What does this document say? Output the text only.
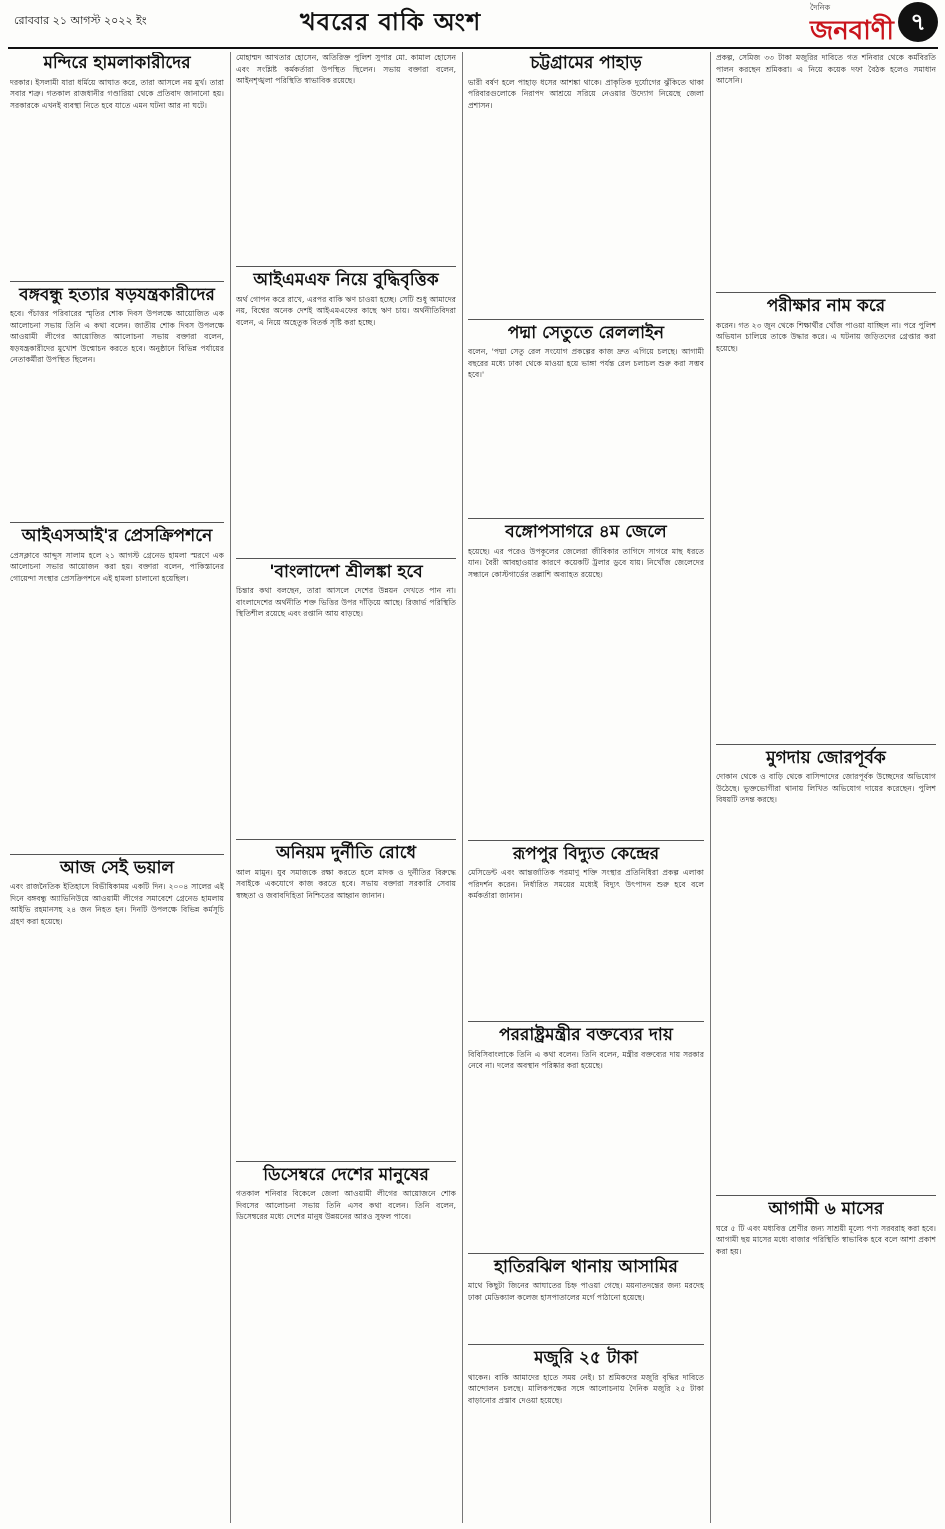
রোববার ২১ আগস্ট ২০২২ ইং	খবরের বাকি অংশ	দৈনিক
জনবাণী ৭
মন্দিরে হামলাকারীদের

দরকার। ইসলামী যারা ধর্মিয়ে আঘাত করে, তারা আসলে নয় মুর্খ। তারা সবার শত্রু। গতকাল রাজধানীর গণ্ডারিয়া থেকে প্রতিবাদ জানানো হয়। সরকারকে এখনই ব্যবস্থা নিতে হবে যাতে এমন ঘটনা আর না ঘটে।

বঙ্গবন্ধু হত্যার ষড়যন্ত্রকারীদের

হবে। পঁচাত্তর পরিবারের স্মৃতির শোক দিবস উপলক্ষে আয়োজিত এক আলোচনা সভায় তিনি এ কথা বলেন। জাতীয় শোক দিবস উপলক্ষে আওয়ামী লীগের আয়োজিত আলোচনা সভায় বক্তারা বলেন, ষড়যন্ত্রকারীদের মুখোশ উন্মোচন করতে হবে। অনুষ্ঠানে বিভিন্ন পর্যায়ের নেতাকর্মীরা উপস্থিত ছিলেন।

আইএসআই'র প্রেসক্রিপশনে

প্রেসক্লাবে আব্দুস সালাম হলে ২১ আগস্ট গ্রেনেড হামলা স্মরণে এক আলোচনা সভার আয়োজন করা হয়। বক্তারা বলেন, পাকিস্তানের গোয়েন্দা সংস্থার প্রেসক্রিপশনে এই হামলা চালানো হয়েছিল।

আজ সেই ভয়াল

এবং রাজনৈতিক ইতিহাসে বিভীষিকাময় একটি দিন। ২০০৪ সালের এই দিনে বঙ্গবন্ধু অ্যাভিনিউয়ে আওয়ামী লীগের সমাবেশে গ্রেনেড হামলায় আইভি রহমানসহ ২৪ জন নিহত হন। দিনটি উপলক্ষে বিভিন্ন কর্মসূচি গ্রহণ করা হয়েছে।

মোহাম্মদ আখতার হোসেন, অতিরিক্ত পুলিশ সুপার মো. কামাল হোসেন এবং সংশ্লিষ্ট কর্মকর্তারা উপস্থিত ছিলেন। সভায় বক্তারা বলেন, আইনশৃঙ্খলা পরিস্থিতি স্বাভাবিক রয়েছে।

আইএমএফ নিয়ে বুদ্ধিবৃত্তিক

অর্থ গোপন করে রাখে, এরপর বাকি ঋণ চাওয়া হচ্ছে। সেটি শুধু আমাদের নয়, বিশ্বের অনেক দেশই আইএমএফের কাছে ঋণ চায়। অর্থনীতিবিদরা বলেন, এ নিয়ে অহেতুক বিতর্ক সৃষ্টি করা হচ্ছে।

'বাংলাদেশ শ্রীলঙ্কা হবে

চিন্তার কথা বলছেন, তারা আসলে দেশের উন্নয়ন দেখতে পান না। বাংলাদেশের অর্থনীতি শক্ত ভিত্তির উপর দাঁড়িয়ে আছে। রিজার্ভ পরিস্থিতি স্থিতিশীল রয়েছে এবং রপ্তানি আয় বাড়ছে।

অনিয়ম দুর্নীতি রোধে

আল মামুন। যুব সমাজকে রক্ষা করতে হলে মাদক ও দুর্নীতির বিরুদ্ধে সবাইকে একযোগে কাজ করতে হবে। সভায় বক্তারা সরকারি সেবায় স্বচ্ছতা ও জবাবদিহিতা নিশ্চিতের আহ্বান জানান।

ডিসেম্বরে দেশের মানুষের

গতকাল শনিবার বিকেলে জেলা আওয়ামী লীগের আয়োজনে শোক দিবসের আলোচনা সভায় তিনি এসব কথা বলেন। তিনি বলেন, ডিসেম্বরের মধ্যে দেশের মানুষ উন্নয়নের আরও সুফল পাবে।

চট্টগ্রামের পাহাড়

ভারী বর্ষণ হলে পাহাড় ধসের আশঙ্কা থাকে। প্রাকৃতিক দুর্যোগের ঝুঁকিতে থাকা পরিবারগুলোকে নিরাপদ আশ্রয়ে সরিয়ে নেওয়ার উদ্যোগ নিয়েছে জেলা প্রশাসন।

পদ্মা সেতুতে রেললাইন

বলেন, 'পদ্মা সেতু রেল সংযোগ প্রকল্পের কাজ দ্রুত এগিয়ে চলছে। আগামী বছরের মধ্যে ঢাকা থেকে মাওয়া হয়ে ভাঙ্গা পর্যন্ত রেল চলাচল শুরু করা সম্ভব হবে।'

বঙ্গোপসাগরে ৪ম জেলে

হয়েছে। এর পরেও উপকূলের জেলেরা জীবিকার তাগিদে সাগরে মাছ ধরতে যান। বৈরী আবহাওয়ার কারণে কয়েকটি ট্রলার ডুবে যায়। নিখোঁজ জেলেদের সন্ধানে কোস্টগার্ডের তল্লাশি অব্যাহত রয়েছে।

রূপপুর বিদ্যুত কেন্দ্রের

মেসিডেন্ট এবং আন্তর্জাতিক পরমাণু শক্তি সংস্থার প্রতিনিধিরা প্রকল্প এলাকা পরিদর্শন করেন। নির্ধারিত সময়ের মধ্যেই বিদ্যুৎ উৎপাদন শুরু হবে বলে কর্মকর্তারা জানান।

পররাষ্ট্রমন্ত্রীর বক্তব্যের দায়

বিবিসিবাংলাকে তিনি এ কথা বলেন। তিনি বলেন, মন্ত্রীর বক্তব্যের দায় সরকার নেবে না। দলের অবস্থান পরিষ্কার করা হয়েছে।

হাতিরঝিল থানায় আসামির

মাথে কিছুটা জিনের আঘাতের চিহ্ন পাওয়া গেছে। ময়নাতদন্তের জন্য মরদেহ ঢাকা মেডিক্যাল কলেজ হাসপাতালের মর্গে পাঠানো হয়েছে।

মজুরি ২৫ টাকা

থাকেন। বাকি আমাদের হাতে সময় নেই। চা শ্রমিকদের মজুরি বৃদ্ধির দাবিতে আন্দোলন চলছে। মালিকপক্ষের সঙ্গে আলোচনায় দৈনিক মজুরি ২৫ টাকা বাড়ানোর প্রস্তাব দেওয়া হয়েছে।

প্রকল্প, সেমিজ ৩৩ টাকা মজুরির দাবিতে গত শনিবার থেকে কর্মবিরতি পালন করছেন শ্রমিকরা। এ নিয়ে কয়েক দফা বৈঠক হলেও সমাধান আসেনি।

পরীক্ষার নাম করে

করেন। গত ২৩ জুন থেকে শিক্ষার্থীর খোঁজ পাওয়া যাচ্ছিল না। পরে পুলিশ অভিযান চালিয়ে তাকে উদ্ধার করে। এ ঘটনায় জড়িতদের গ্রেপ্তার করা হয়েছে।

মুগদায় জোরপূর্বক

দোকান থেকে ও বাড়ি থেকে বাসিন্দাদের জোরপূর্বক উচ্ছেদের অভিযোগ উঠেছে। ভুক্তভোগীরা থানায় লিখিত অভিযোগ দায়ের করেছেন। পুলিশ বিষয়টি তদন্ত করছে।

আগামী ৬ মাসের

ঘরে ৫ টি এবং মধ্যবিত্ত শ্রেণীর জন্য সাশ্রয়ী মূল্যে পণ্য সরবরাহ করা হবে। আগামী ছয় মাসের মধ্যে বাজার পরিস্থিতি স্বাভাবিক হবে বলে আশা প্রকাশ করা হয়।
